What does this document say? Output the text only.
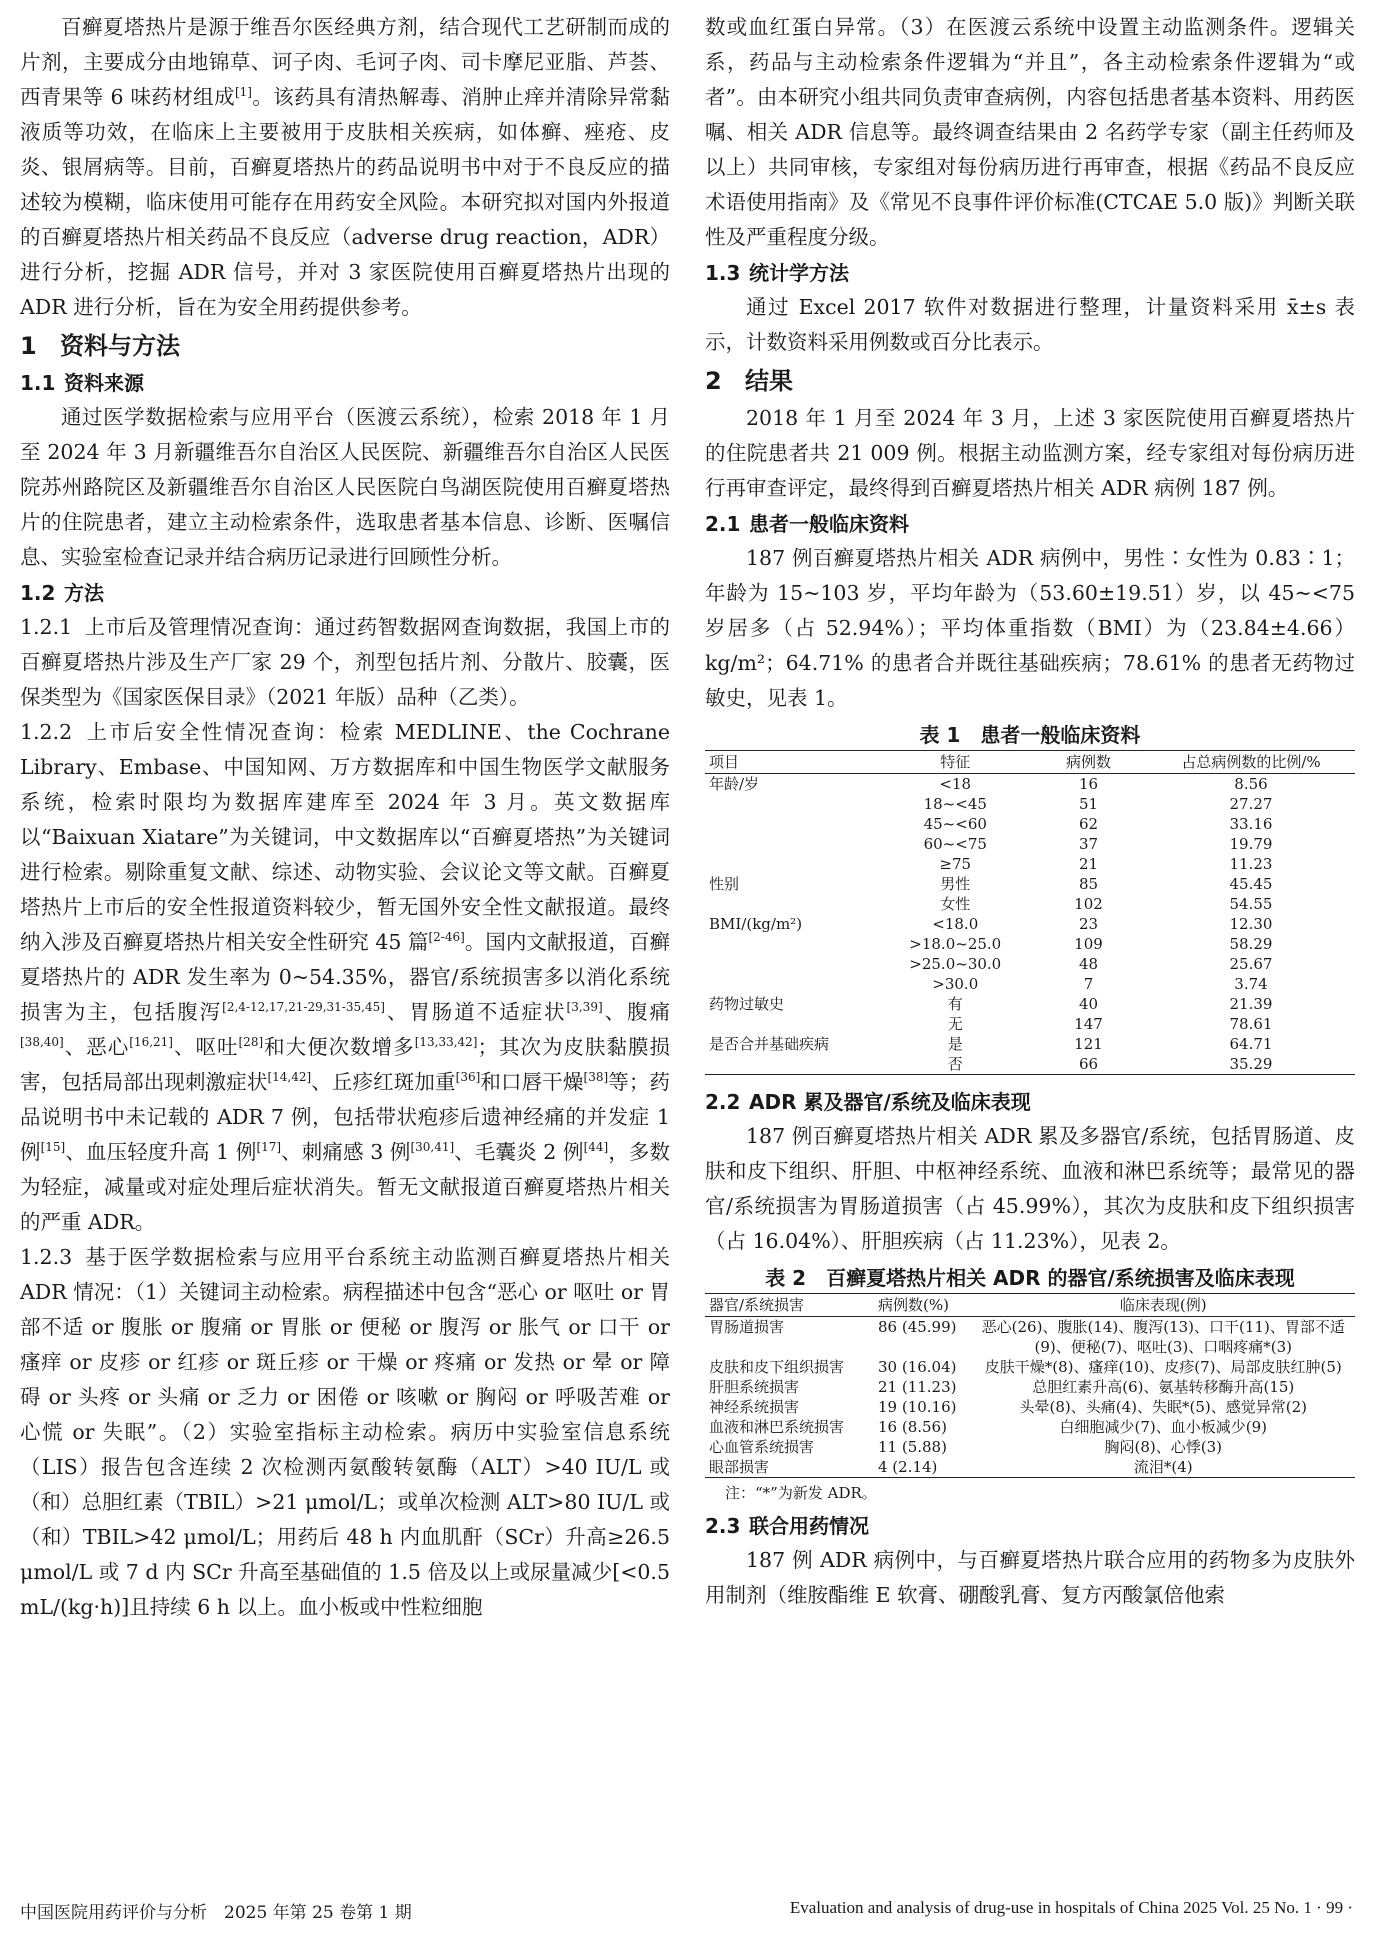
百癣夏塔热片是源于维吾尔医经典方剂，结合现代工艺研制而成的片剂，主要成分由地锦草、诃子肉、毛诃子肉、司卡摩尼亚脂、芦荟、西青果等 6 味药材组成[1]。该药具有清热解毒、消肿止痒并清除异常黏液质等功效，在临床上主要被用于皮肤相关疾病，如体癣、痤疮、皮炎、银屑病等。目前，百癣夏塔热片的药品说明书中对于不良反应的描述较为模糊，临床使用可能存在用药安全风险。本研究拟对国内外报道的百癣夏塔热片相关药品不良反应（adverse drug reaction，ADR）进行分析，挖掘 ADR 信号，并对 3 家医院使用百癣夏塔热片出现的 ADR 进行分析，旨在为安全用药提供参考。

1 资料与方法
1.1 资料来源

通过医学数据检索与应用平台（医渡云系统），检索 2018 年 1 月至 2024 年 3 月新疆维吾尔自治区人民医院、新疆维吾尔自治区人民医院苏州路院区及新疆维吾尔自治区人民医院白鸟湖医院使用百癣夏塔热片的住院患者，建立主动检索条件，选取患者基本信息、诊断、医嘱信息、实验室检查记录并结合病历记录进行回顾性分析。

1.2 方法

1.2.1 上市后及管理情况查询：通过药智数据网查询数据，我国上市的百癣夏塔热片涉及生产厂家 29 个，剂型包括片剂、分散片、胶囊，医保类型为《国家医保目录》（2021 年版）品种（乙类）。

1.2.2 上市后安全性情况查询：检索 MEDLINE、the Cochrane Library、Embase、中国知网、万方数据库和中国生物医学文献服务系统，检索时限均为数据库建库至 2024 年 3 月。英文数据库以“Baixuan Xiatare”为关键词，中文数据库以“百癣夏塔热”为关键词进行检索。剔除重复文献、综述、动物实验、会议论文等文献。百癣夏塔热片上市后的安全性报道资料较少，暂无国外安全性文献报道。最终纳入涉及百癣夏塔热片相关安全性研究 45 篇[2-46]。国内文献报道，百癣夏塔热片的 ADR 发生率为 0~54.35%，器官/系统损害多以消化系统损害为主，包括腹泻[2,4-12,17,21-29,31-35,45]、胃肠道不适症状[3,39]、腹痛[38,40]、恶心[16,21]、呕吐[28]和大便次数增多[13,33,42]；其次为皮肤黏膜损害，包括局部出现刺激症状[14,42]、丘疹红斑加重[36]和口唇干燥[38]等；药品说明书中未记载的 ADR 7 例，包括带状疱疹后遗神经痛的并发症 1 例[15]、血压轻度升高 1 例[17]、刺痛感 3 例[30,41]、毛囊炎 2 例[44]，多数为轻症，减量或对症处理后症状消失。暂无文献报道百癣夏塔热片相关的严重 ADR。

1.2.3 基于医学数据检索与应用平台系统主动监测百癣夏塔热片相关 ADR 情况：（1）关键词主动检索。病程描述中包含“恶心 or 呕吐 or 胃部不适 or 腹胀 or 腹痛 or 胃胀 or 便秘 or 腹泻 or 胀气 or 口干 or 瘙痒 or 皮疹 or 红疹 or 斑丘疹 or 干燥 or 疼痛 or 发热 or 晕 or 障碍 or 头疼 or 头痛 or 乏力 or 困倦 or 咳嗽 or 胸闷 or 呼吸苦难 or 心慌 or 失眠”。（2）实验室指标主动检索。病历中实验室信息系统（LIS）报告包含连续 2 次检测丙氨酸转氨酶（ALT）>40 IU/L 或（和）总胆红素（TBIL）>21 μmol/L；或单次检测 ALT>80 IU/L 或（和）TBIL>42 μmol/L；用药后 48 h 内血肌酐（SCr）升高≥26.5 μmol/L 或 7 d 内 SCr 升高至基础值的 1.5 倍及以上或尿量减少[<0.5 mL/(kg·h)]且持续 6 h 以上。血小板或中性粒细胞

数或血红蛋白异常。（3）在医渡云系统中设置主动监测条件。逻辑关系，药品与主动检索条件逻辑为“并且”，各主动检索条件逻辑为“或者”。由本研究小组共同负责审查病例，内容包括患者基本资料、用药医嘱、相关 ADR 信息等。最终调查结果由 2 名药学专家（副主任药师及以上）共同审核，专家组对每份病历进行再审查，根据《药品不良反应术语使用指南》及《常见不良事件评价标准(CTCAE 5.0 版)》判断关联性及严重程度分级。

1.3 统计学方法

通过 Excel 2017 软件对数据进行整理，计量资料采用 x̄±s 表示，计数资料采用例数或百分比表示。

2 结果

2018 年 1 月至 2024 年 3 月，上述 3 家医院使用百癣夏塔热片的住院患者共 21 009 例。根据主动监测方案，经专家组对每份病历进行再审查评定，最终得到百癣夏塔热片相关 ADR 病例 187 例。

2.1 患者一般临床资料

187 例百癣夏塔热片相关 ADR 病例中，男性∶女性为 0.83∶1；年龄为 15~103 岁，平均年龄为（53.60±19.51）岁，以 45~<75 岁居多（占 52.94%）；平均体重指数（BMI）为（23.84±4.66）kg/m²；64.71% 的患者合并既往基础疾病；78.61% 的患者无药物过敏史，见表 1。

表 1　患者一般临床资料
项目	特征	病例数	占总病例数的比例/%
年龄/岁	<18	16	8.56
	18~<45	51	27.27
	45~<60	62	33.16
	60~<75	37	19.79
	≥75	21	11.23
性别	男性	85	45.45
	女性	102	54.55
BMI/(kg/m²)	<18.0	23	12.30
	>18.0~25.0	109	58.29
	>25.0~30.0	48	25.67
	>30.0	7	3.74
药物过敏史	有	40	21.39
	无	147	78.61
是否合并基础疾病	是	121	64.71
	否	66	35.29
2.2 ADR 累及器官/系统及临床表现

187 例百癣夏塔热片相关 ADR 累及多器官/系统，包括胃肠道、皮肤和皮下组织、肝胆、中枢神经系统、血液和淋巴系统等；最常见的器官/系统损害为胃肠道损害（占 45.99%），其次为皮肤和皮下组织损害（占 16.04%）、肝胆疾病（占 11.23%），见表 2。

表 2　百癣夏塔热片相关 ADR 的器官/系统损害及临床表现
器官/系统损害	病例数(%)	临床表现(例)
胃肠道损害	86 (45.99)	恶心(26)、腹胀(14)、腹泻(13)、口干(11)、胃部不适(9)、便秘(7)、呕吐(3)、口咽疼痛*(3)
皮肤和皮下组织损害	30 (16.04)	皮肤干燥*(8)、瘙痒(10)、皮疹(7)、局部皮肤红肿(5)
肝胆系统损害	21 (11.23)	总胆红素升高(6)、氨基转移酶升高(15)
神经系统损害	19 (10.16)	头晕(8)、头痛(4)、失眠*(5)、感觉异常(2)
血液和淋巴系统损害	16 (8.56)	白细胞减少(7)、血小板减少(9)
心血管系统损害	11 (5.88)	胸闷(8)、心悸(3)
眼部损害	4 (2.14)	流泪*(4)
注：“*”为新发 ADR。
2.3 联合用药情况

187 例 ADR 病例中，与百癣夏塔热片联合应用的药物多为皮肤外用制剂（维胺酯维 E 软膏、硼酸乳膏、复方丙酸氯倍他索

中国医院用药评价与分析　2025 年第 25 卷第 1 期	Evaluation and analysis of drug-use in hospitals of China 2025 Vol. 25 No. 1 · 99 ·
